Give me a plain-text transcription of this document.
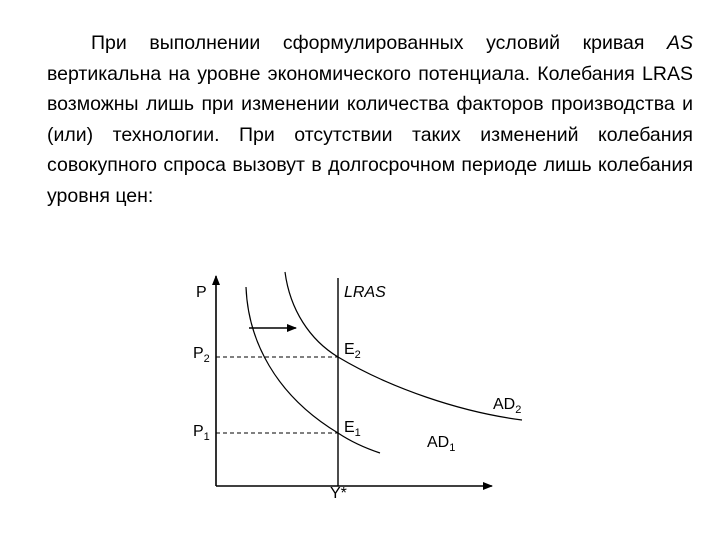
При выполнении сформулированных условий кривая AS вертикальна на уровне экономического потенциала. Колебания LRAS возможны лишь при изменении количества факторов производства и (или) технологии. При отсутствии таких изменений колебания совокупного спроса вызовут в долгосрочном периоде лишь колебания уровня цен:

P	LRAS
$P_2$
$E_2$
$AD_2$
$P_1$
$E_1$
$AD_1$
Y*
